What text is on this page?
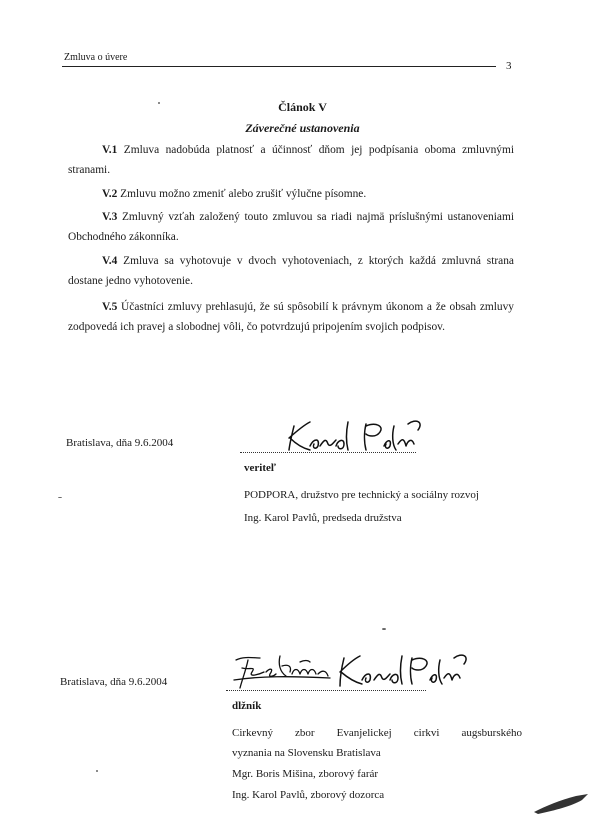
Zmluva o úvere
3
Článok V
Záverečné ustanovenia
V.1 Zmluva nadobúda platnosť a účinnosť dňom jej podpísania oboma zmluvnými stranami.
V.2 Zmluvu možno zmeniť alebo zrušiť výlučne písomne.
V.3 Zmluvný vzťah založený touto zmluvou sa riadi najmä príslušnými ustanoveniami Obchodného zákonníka.
V.4 Zmluva sa vyhotovuje v dvoch vyhotoveniach, z ktorých každá zmluvná strana dostane jedno vyhotovenie.
V.5 Účastníci zmluvy prehlasujú, že sú spôsobilí k právnym úkonom a že obsah zmluvy zodpovedá ich pravej a slobodnej vôli, čo potvrdzujú pripojením svojich podpisov.
Bratislava, dňa 9.6.2004
veriteľ
PODPORA, družstvo pre technický a sociálny rozvoj
Ing. Karol Pavlů, predseda družstva
Bratislava, dňa 9.6.2004
dlžník
Cirkevný zbor Evanjelickej cirkvi augsburského
vyznania na Slovensku Bratislava
Mgr. Boris Mišina, zborový farár
Ing. Karol Pavlů, zborový dozorca
